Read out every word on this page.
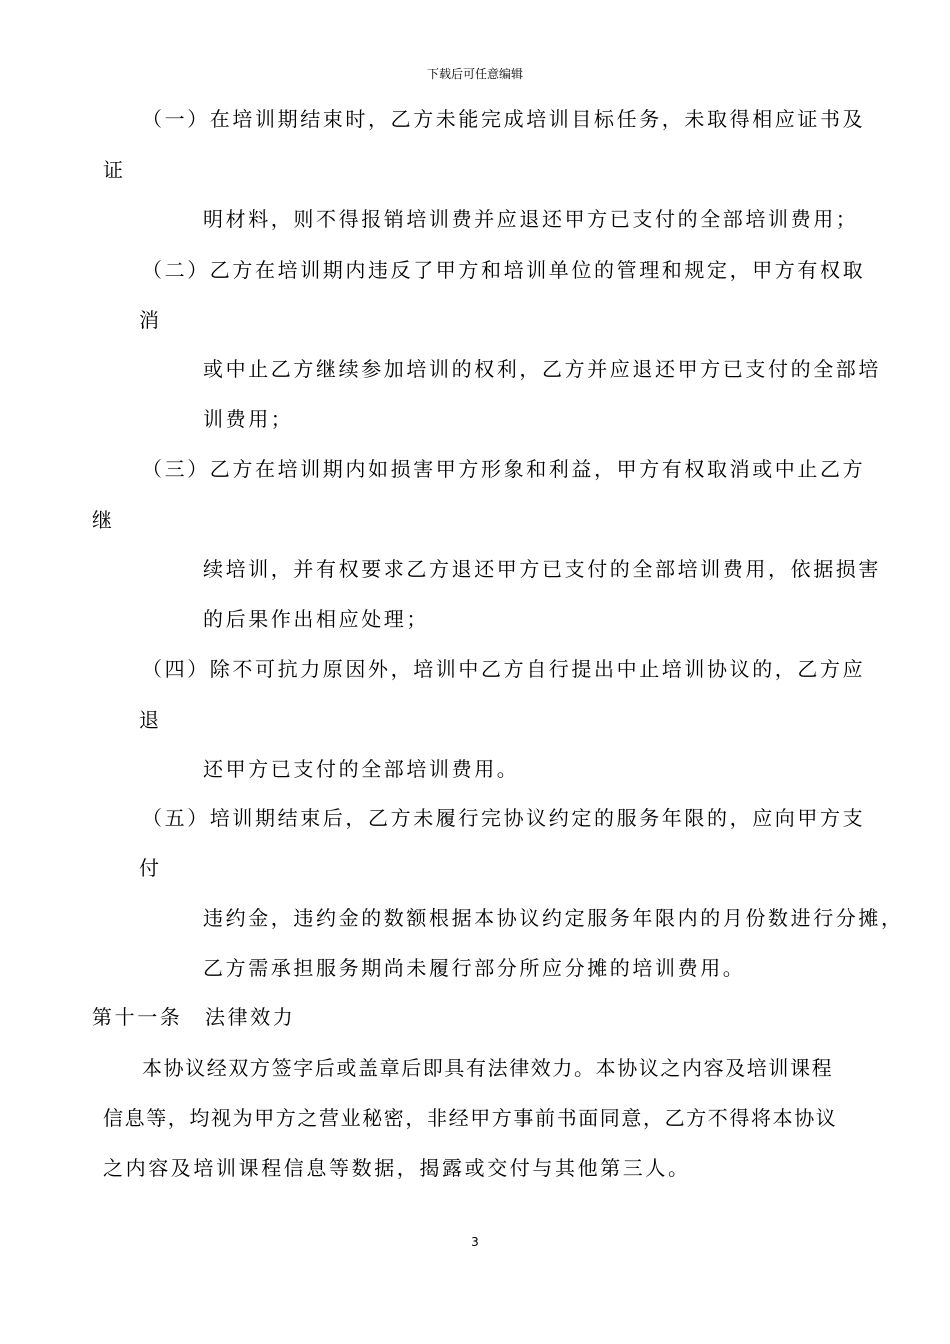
下载后可任意编辑
（一）在培训期结束时，乙方未能完成培训目标任务，未取得相应证书及
证
明材料，则不得报销培训费并应退还甲方已支付的全部培训费用；
（二）乙方在培训期内违反了甲方和培训单位的管理和规定，甲方有权取
消
或中止乙方继续参加培训的权利，乙方并应退还甲方已支付的全部培
训费用；
（三）乙方在培训期内如损害甲方形象和利益，甲方有权取消或中止乙方
继
续培训，并有权要求乙方退还甲方已支付的全部培训费用，依据损害
的后果作出相应处理；
（四）除不可抗力原因外，培训中乙方自行提出中止培训协议的，乙方应
退
还甲方已支付的全部培训费用。
（五）培训期结束后，乙方未履行完协议约定的服务年限的，应向甲方支
付
违约金，违约金的数额根据本协议约定服务年限内的月份数进行分摊，
乙方需承担服务期尚未履行部分所应分摊的培训费用。
第十一条　法律效力
本协议经双方签字后或盖章后即具有法律效力。本协议之内容及培训课程
信息等，均视为甲方之营业秘密，非经甲方事前书面同意，乙方不得将本协议
之内容及培训课程信息等数据，揭露或交付与其他第三人。
3
